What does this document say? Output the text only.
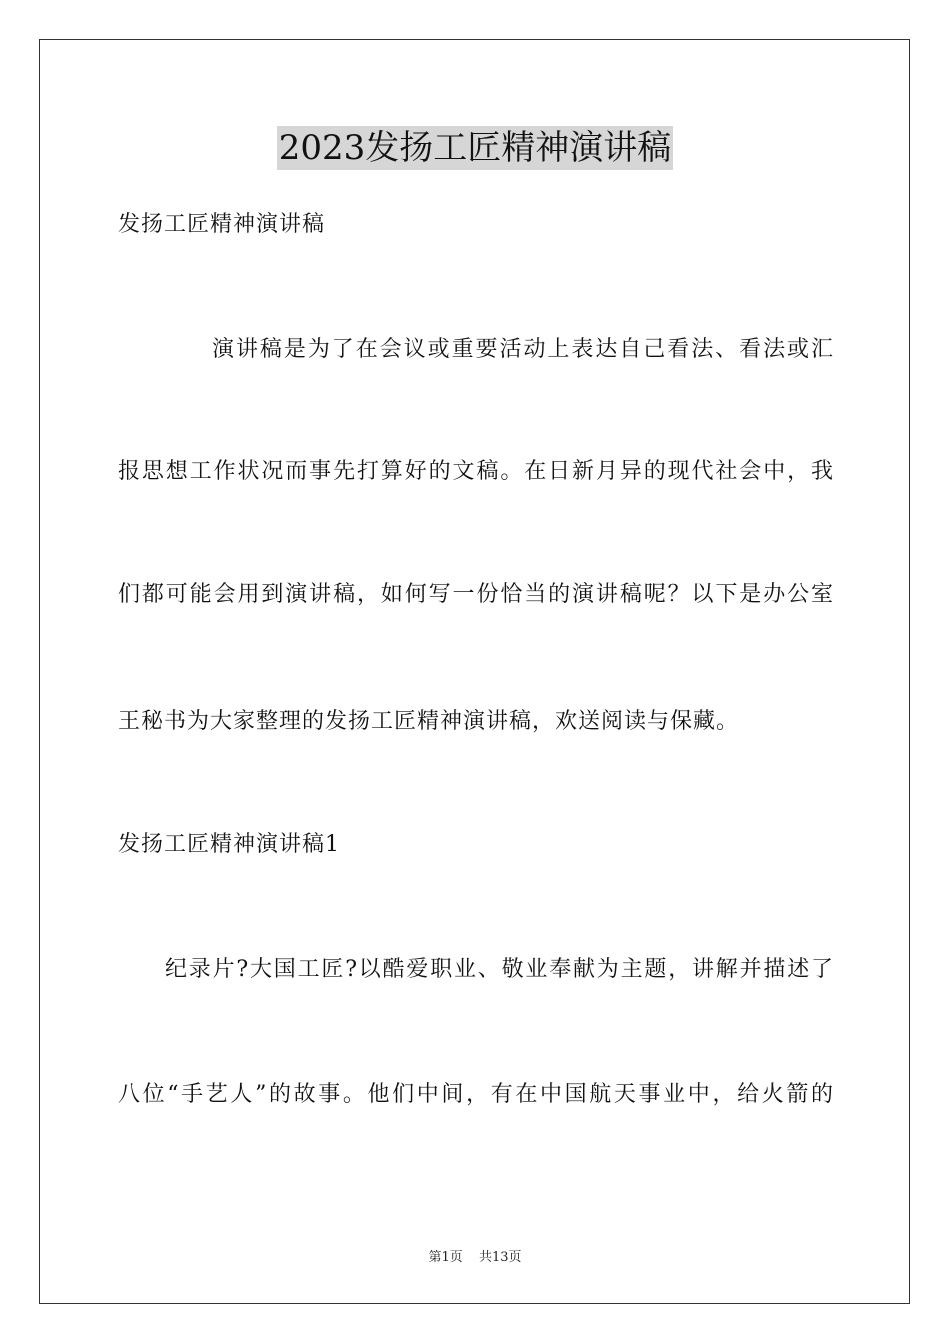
2023发扬工匠精神演讲稿
发扬工匠精神演讲稿
演讲稿是为了在会议或重要活动上表达自己看法、看法或汇
报思想工作状况而事先打算好的文稿。在日新月异的现代社会中，我
们都可能会用到演讲稿，如何写一份恰当的演讲稿呢？以下是办公室
王秘书为大家整理的发扬工匠精神演讲稿，欢送阅读与保藏。
发扬工匠精神演讲稿1
纪录片?大国工匠?以酷爱职业、敬业奉献为主题，讲解并描述了
八位“手艺人”的故事。他们中间，有在中国航天事业中，给火箭的
第1页 共13页
